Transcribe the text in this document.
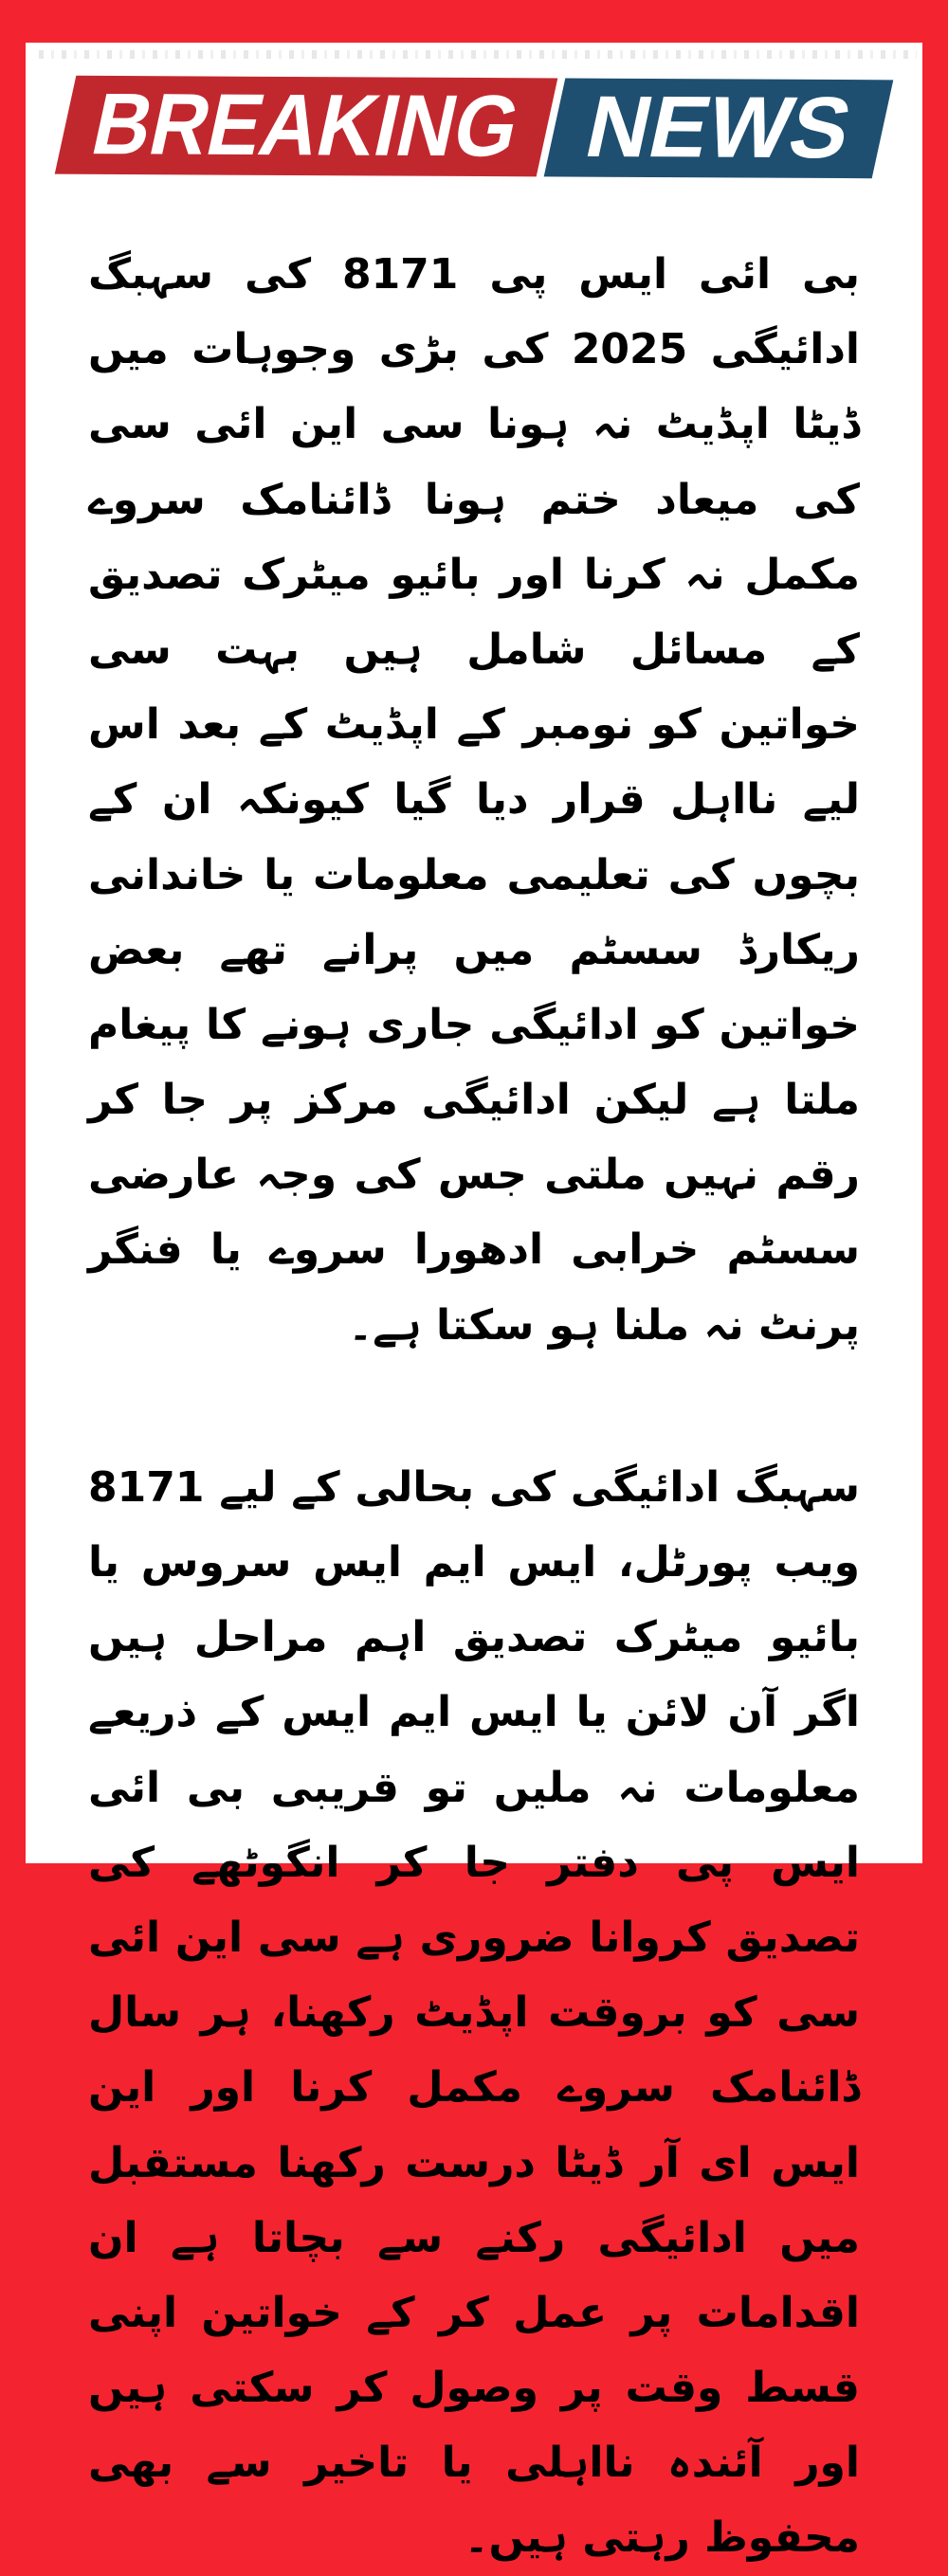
BREAKING NEWS

بی ائی ایس پی 8171 کی سہبگ ادائیگی 2025 کی بڑی وجوہات میں ڈیٹا اپڈیٹ نہ ہونا سی این ائی سی کی میعاد ختم ہونا ڈائنامک سروے مکمل نہ کرنا اور بائیو میٹرک تصدیق کے مسائل شامل ہیں بہت سی خواتین کو نومبر کے اپڈیٹ کے بعد اس لیے نااہل قرار دیا گیا کیونکہ ان کے بچوں کی تعلیمی معلومات یا خاندانی ریکارڈ سسٹم میں پرانے تھے بعض خواتین کو ادائیگی جاری ہونے کا پیغام ملتا ہے لیکن ادائیگی مرکز پر جا کر رقم نہیں ملتی جس کی وجہ عارضی سسٹم خرابی ادھورا سروے یا فنگر پرنٹ نہ ملنا ہو سکتا ہے۔

سہبگ ادائیگی کی بحالی کے لیے 8171 ویب پورٹل، ایس ایم ایس سروس یا بائیو میٹرک تصدیق اہم مراحل ہیں اگر آن لائن یا ایس ایم ایس کے ذریعے معلومات نہ ملیں تو قریبی بی ائی ایس پی دفتر جا کر انگوٹھے کی تصدیق کروانا ضروری ہے سی این ائی سی کو بروقت اپڈیٹ رکھنا، ہر سال ڈائنامک سروے مکمل کرنا اور این ایس ای آر ڈیٹا درست رکھنا مستقبل میں ادائیگی رکنے سے بچاتا ہے ان اقدامات پر عمل کر کے خواتین اپنی قسط وقت پر وصول کر سکتی ہیں اور آئندہ نااہلی یا تاخیر سے بھی محفوظ رہتی ہیں۔
